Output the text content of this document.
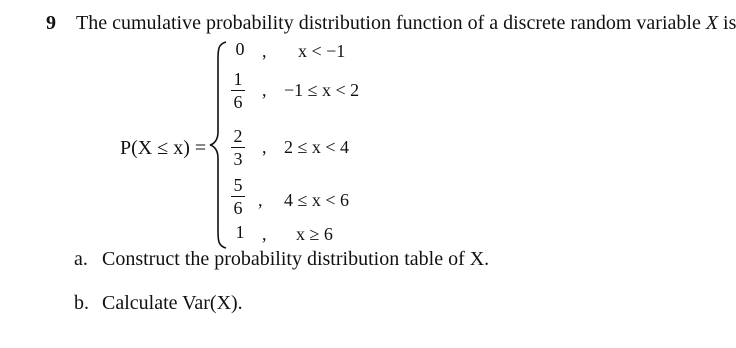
9 The cumulative probability distribution function of a discrete random variable X is
P(X ≤ x) =
0 , x < −1
1
6
, −1 ≤ x < 2
2
3
, 2 ≤ x < 4
5
6 , 4 ≤ x < 6
1 , x ≥ 6
a. Construct the probability distribution table of X.
b. Calculate Var(X).
